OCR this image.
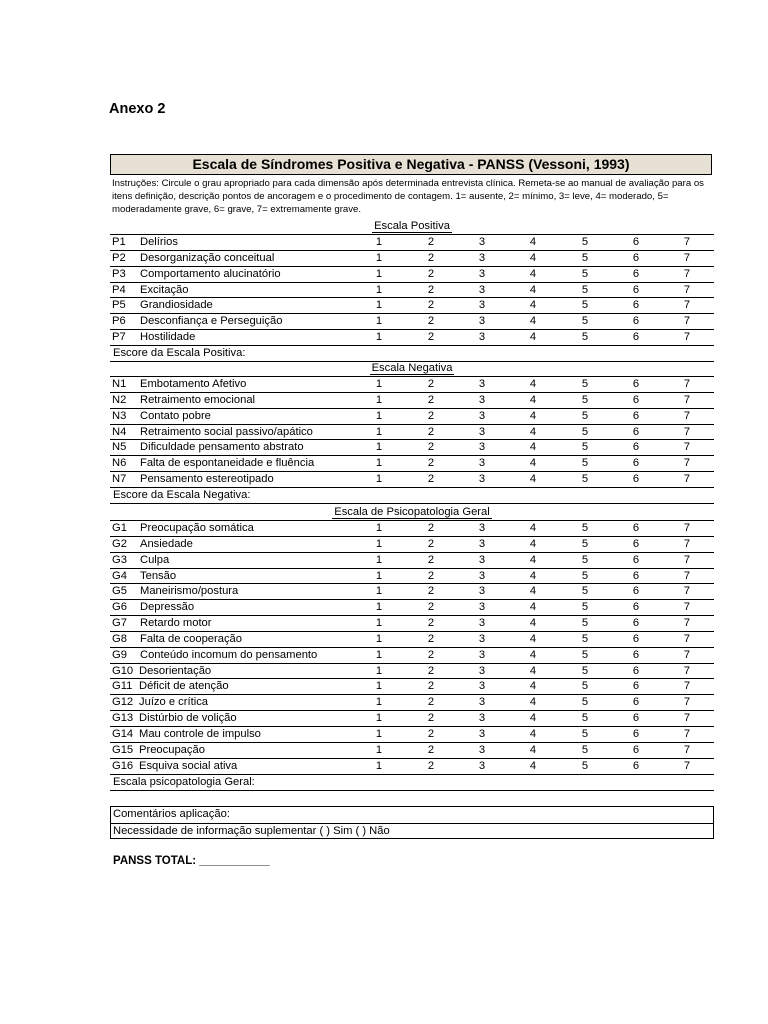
Anexo 2
Escala de Síndromes Positiva e Negativa - PANSS (Vessoni, 1993)
Instruções: Circule o grau apropriado para cada dimensão após determinada entrevista clínica. Remeta-se ao manual de avaliação para os itens definição, descrição pontos de ancoragem e o procedimento de contagem. 1= ausente, 2= mínimo, 3= leve, 4= moderado, 5= moderadamente grave, 6= grave, 7= extremamente grave.
Escala Positiva
P1 Delírios	1	2	3	4	5	6	7
P2 Desorganização conceitual	1	2	3	4	5	6	7
P3 Comportamento alucinatório	1	2	3	4	5	6	7
P4 Excitação	1	2	3	4	5	6	7
P5 Grandiosidade	1	2	3	4	5	6	7
P6 Desconfiança e Perseguição	1	2	3	4	5	6	7
P7 Hostilidade	1	2	3	4	5	6	7
Escore da Escala Positiva:
Escala Negativa
N1 Embotamento Afetivo	1	2	3	4	5	6	7
N2 Retraimento emocional	1	2	3	4	5	6	7
N3 Contato pobre	1	2	3	4	5	6	7
N4 Retraimento social passivo/apático	1	2	3	4	5	6	7
N5 Dificuldade pensamento abstrato	1	2	3	4	5	6	7
N6 Falta de espontaneidade e fluência	1	2	3	4	5	6	7
N7 Pensamento estereotipado	1	2	3	4	5	6	7
Escore da Escala Negativa:
Escala de Psicopatologia Geral
G1 Preocupação somática	1	2	3	4	5	6	7
G2 Ansiedade	1	2	3	4	5	6	7
G3 Culpa	1	2	3	4	5	6	7
G4 Tensão	1	2	3	4	5	6	7
G5 Maneirismo/postura	1	2	3	4	5	6	7
G6 Depressão	1	2	3	4	5	6	7
G7 Retardo motor	1	2	3	4	5	6	7
G8 Falta de cooperação	1	2	3	4	5	6	7
G9 Conteúdo incomum do pensamento	1	2	3	4	5	6	7
G10 Desorientação	1	2	3	4	5	6	7
G11 Déficit de atenção	1	2	3	4	5	6	7
G12 Juízo e crítica	1	2	3	4	5	6	7
G13 Distúrbio de volição	1	2	3	4	5	6	7
G14 Mau controle de impulso	1	2	3	4	5	6	7
G15 Preocupação	1	2	3	4	5	6	7
G16 Esquiva social ativa	1	2	3	4	5	6	7
Escala psicopatologia Geral:
Comentários aplicação:
Necessidade de informação suplementar ( ) Sim ( ) Não
PANSS TOTAL: ___________
